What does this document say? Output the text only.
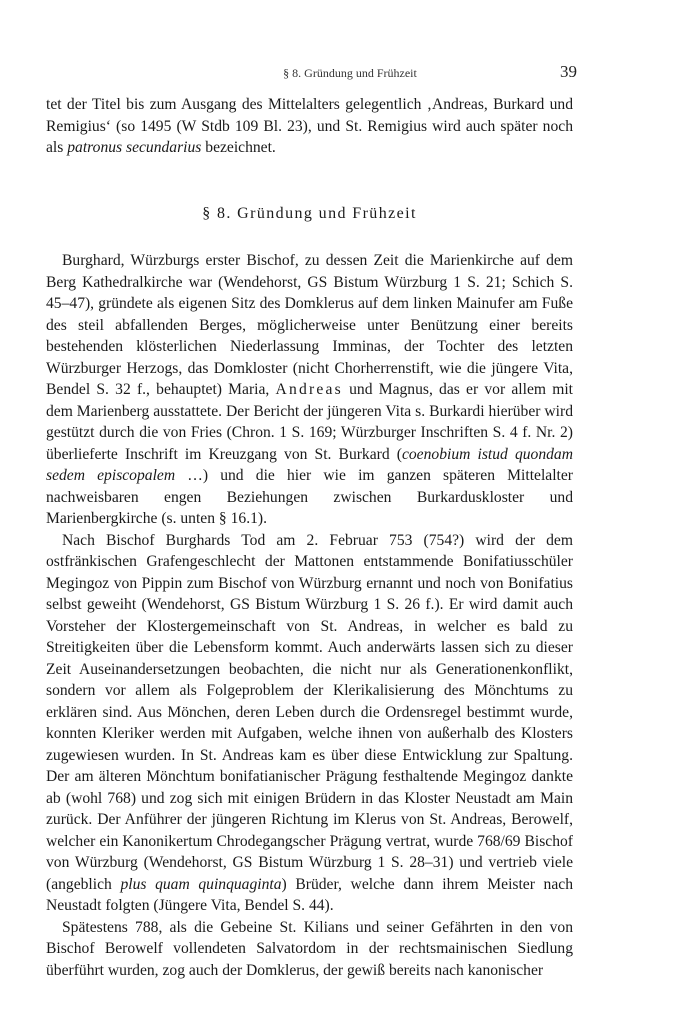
§ 8. Gründung und Frühzeit	39

tet der Titel bis zum Ausgang des Mittelalters gelegentlich ‚Andreas, Burkard und Remigius‘ (so 1495 (W Stdb 109 Bl. 23), und St. Remigius wird auch später noch als patronus secundarius bezeichnet.

§ 8. Gründung und Frühzeit

Burghard, Würzburgs erster Bischof, zu dessen Zeit die Marienkirche auf dem Berg Kathedralkirche war (Wendehorst, GS Bistum Würzburg 1 S. 21; Schich S. 45–47), gründete als eigenen Sitz des Domklerus auf dem linken Mainufer am Fuße des steil abfallenden Berges, möglicherweise unter Benützung einer bereits bestehenden klösterlichen Niederlassung Imminas, der Tochter des letzten Würzburger Herzogs, das Domkloster (nicht Chorherrenstift, wie die jüngere Vita, Bendel S. 32 f., behauptet) Maria, Andreas und Magnus, das er vor allem mit dem Marienberg ausstattete. Der Bericht der jüngeren Vita s. Burkardi hierüber wird gestützt durch die von Fries (Chron. 1 S. 169; Würzburger Inschriften S. 4 f. Nr. 2) überlieferte Inschrift im Kreuzgang von St. Burkard (coenobium istud quondam sedem episcopalem …) und die hier wie im ganzen späteren Mittelalter nachweisbaren engen Beziehungen zwischen Burkarduskloster und Marienbergkirche (s. unten § 16.1).

Nach Bischof Burghards Tod am 2. Februar 753 (754?) wird der dem ostfränkischen Grafengeschlecht der Mattonen entstammende Bonifatiusschüler Megingoz von Pippin zum Bischof von Würzburg ernannt und noch von Bonifatius selbst geweiht (Wendehorst, GS Bistum Würzburg 1 S. 26 f.). Er wird damit auch Vorsteher der Klostergemeinschaft von St. Andreas, in welcher es bald zu Streitigkeiten über die Lebensform kommt. Auch anderwärts lassen sich zu dieser Zeit Auseinandersetzungen beobachten, die nicht nur als Generationenkonflikt, sondern vor allem als Folgeproblem der Klerikalisierung des Mönchtums zu erklären sind. Aus Mönchen, deren Leben durch die Ordensregel bestimmt wurde, konnten Kleriker werden mit Aufgaben, welche ihnen von außerhalb des Klosters zugewiesen wurden. In St. Andreas kam es über diese Entwicklung zur Spaltung. Der am älteren Mönchtum bonifatianischer Prägung festhaltende Megingoz dankte ab (wohl 768) und zog sich mit einigen Brüdern in das Kloster Neustadt am Main zurück. Der Anführer der jüngeren Richtung im Klerus von St. Andreas, Berowelf, welcher ein Kanonikertum Chrodegangscher Prägung vertrat, wurde 768/69 Bischof von Würzburg (Wendehorst, GS Bistum Würzburg 1 S. 28–31) und vertrieb viele (angeblich plus quam quinquaginta) Brüder, welche dann ihrem Meister nach Neustadt folgten (Jüngere Vita, Bendel S. 44).

Spätestens 788, als die Gebeine St. Kilians und seiner Gefährten in den von Bischof Berowelf vollendeten Salvatordom in der rechtsmainischen Siedlung überführt wurden, zog auch der Domklerus, der gewiß bereits nach kanonischer
